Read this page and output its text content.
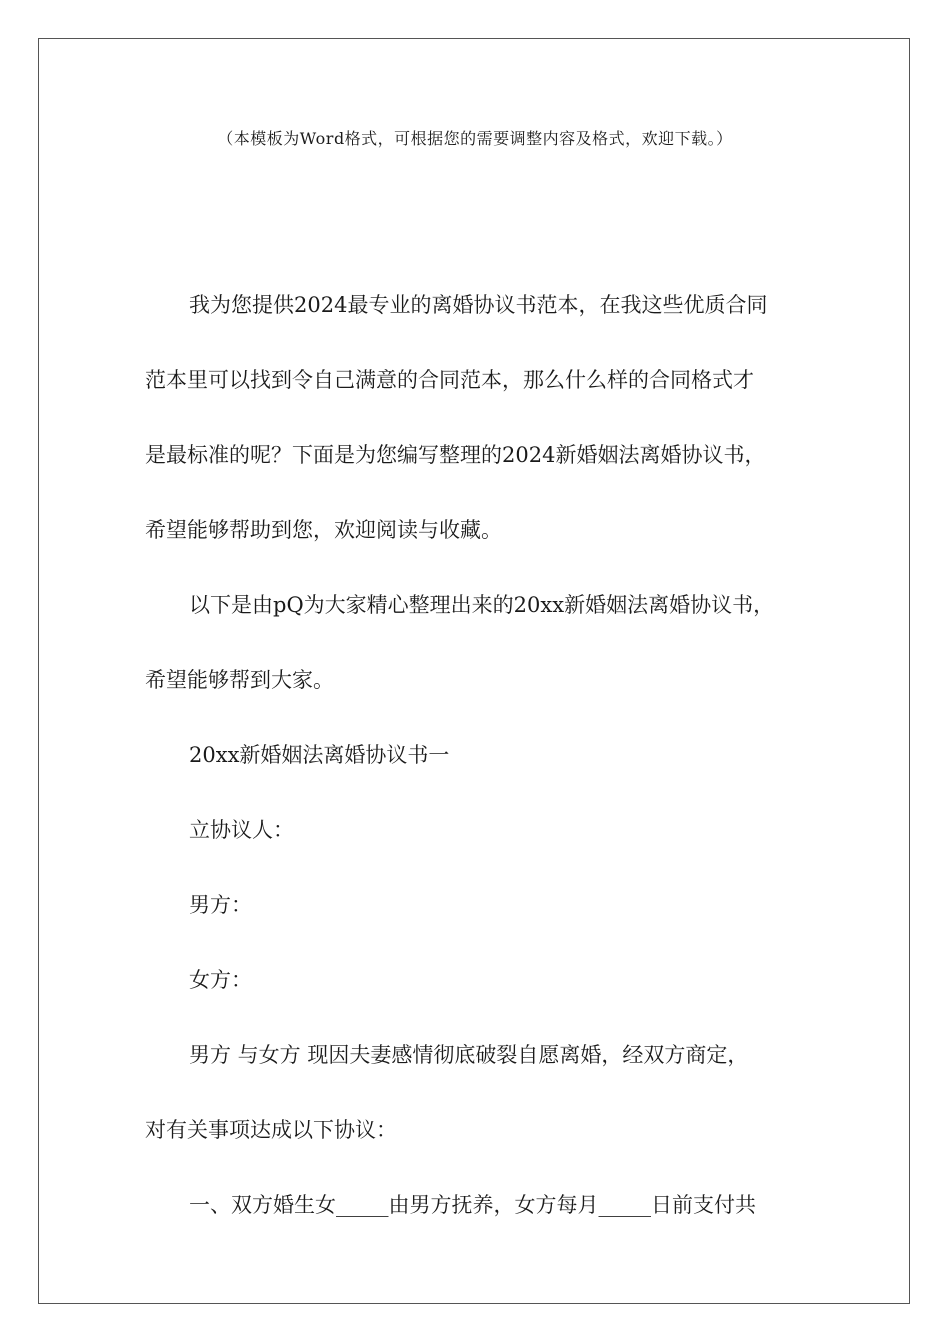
（本模板为Word格式，可根据您的需要调整内容及格式，欢迎下载。）
我为您提供2024最专业的离婚协议书范本，在我这些优质合同
范本里可以找到令自己满意的合同范本，那么什么样的合同格式才
是最标准的呢？下面是为您编写整理的2024新婚姻法离婚协议书，
希望能够帮助到您，欢迎阅读与收藏。
以下是由pQ为大家精心整理出来的20xx新婚姻法离婚协议书，
希望能够帮到大家。
20xx新婚姻法离婚协议书一
立协议人：
男方：
女方：
男方 与女方 现因夫妻感情彻底破裂自愿离婚，经双方商定，
对有关事项达成以下协议：
一、双方婚生女_____由男方抚养，女方每月_____日前支付共
